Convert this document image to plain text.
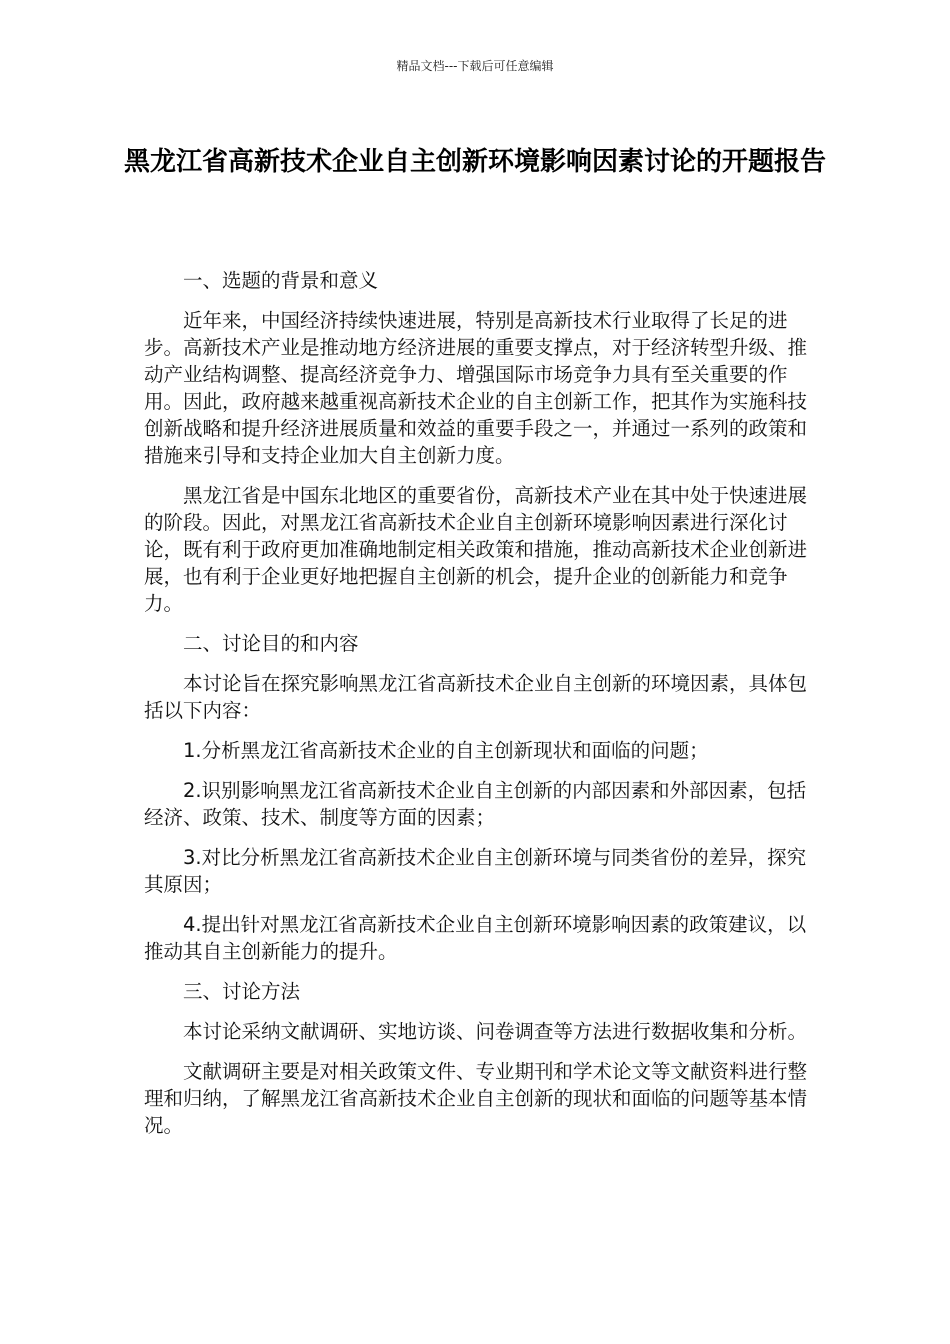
精品文档---下载后可任意编辑
黑龙江省高新技术企业自主创新环境影响因素讨论的开题报告

一、选题的背景和意义

近年来，中国经济持续快速进展，特别是高新技术行业取得了长足的进步。高新技术产业是推动地方经济进展的重要支撑点，对于经济转型升级、推动产业结构调整、提高经济竞争力、增强国际市场竞争力具有至关重要的作用。因此，政府越来越重视高新技术企业的自主创新工作，把其作为实施科技创新战略和提升经济进展质量和效益的重要手段之一，并通过一系列的政策和措施来引导和支持企业加大自主创新力度。

黑龙江省是中国东北地区的重要省份，高新技术产业在其中处于快速进展的阶段。因此，对黑龙江省高新技术企业自主创新环境影响因素进行深化讨论，既有利于政府更加准确地制定相关政策和措施，推动高新技术企业创新进展，也有利于企业更好地把握自主创新的机会，提升企业的创新能力和竞争力。

二、讨论目的和内容

本讨论旨在探究影响黑龙江省高新技术企业自主创新的环境因素，具体包括以下内容：

1.分析黑龙江省高新技术企业的自主创新现状和面临的问题；

2.识别影响黑龙江省高新技术企业自主创新的内部因素和外部因素，包括经济、政策、技术、制度等方面的因素；

3.对比分析黑龙江省高新技术企业自主创新环境与同类省份的差异，探究其原因；

4.提出针对黑龙江省高新技术企业自主创新环境影响因素的政策建议，以推动其自主创新能力的提升。

三、讨论方法

本讨论采纳文献调研、实地访谈、问卷调查等方法进行数据收集和分析。

文献调研主要是对相关政策文件、专业期刊和学术论文等文献资料进行整理和归纳，了解黑龙江省高新技术企业自主创新的现状和面临的问题等基本情况。
